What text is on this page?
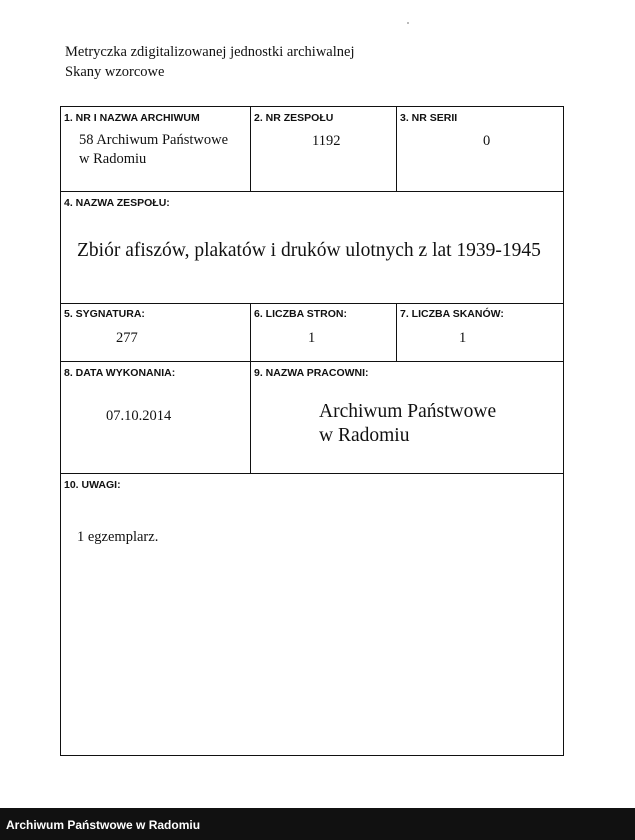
Metryczka zdigitalizowanej jednostki archiwalnej
Skany wzorcowe
1. NR I NAZWA ARCHIWUM
58 Archiwum Państwowe
w Radomiu
2. NR ZESPOŁU
1192
3. NR SERII
0
4. NAZWA ZESPOŁU:
Zbiór afiszów, plakatów i druków ulotnych z lat 1939-1945
5. SYGNATURA:
277
6. LICZBA STRON:
1
7. LICZBA SKANÓW:
1
8. DATA WYKONANIA:
07.10.2014
9. NAZWA PRACOWNI:
Archiwum Państwowe
w Radomiu
10. UWAGI:
1 egzemplarz.
Archiwum Państwowe w Radomiu
